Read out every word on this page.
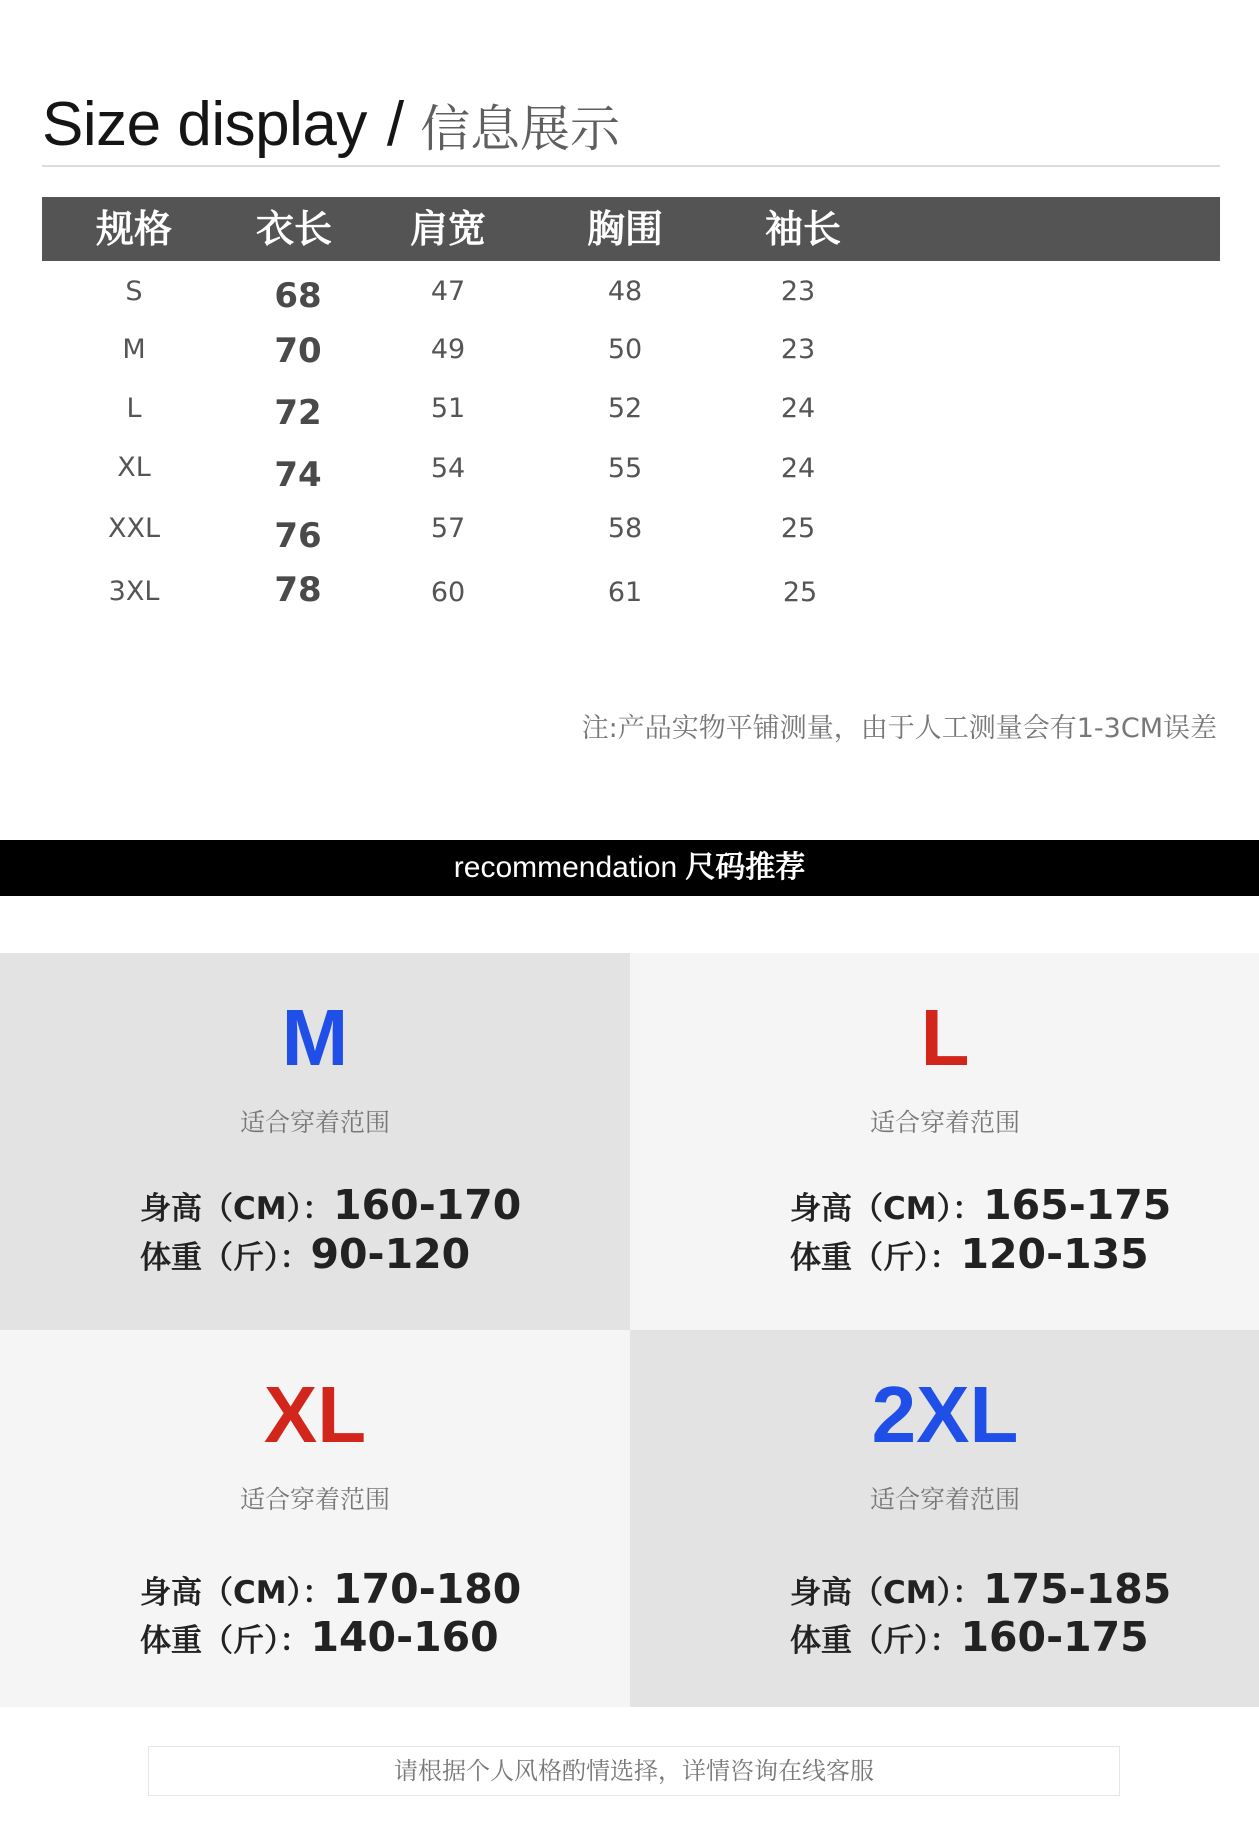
Size display / 信息展示
规格	衣长	肩宽	胸围	袖长
S	68	47	48	23
M	70	49	50	23
L	72	51	52	24
XL	74	54	55	24
XXL	76	57	58	25
3XL	78	60	61	25
注:产品实物平铺测量，由于人工测量会有1-3CM误差
recommendation 尺码推荐
M
适合穿着范围
身高（CM）：160-170
体重（斤）：90-120
L
适合穿着范围
身高（CM）：165-175
体重（斤）：120-135
XL
适合穿着范围
身高（CM）：170-180
体重（斤）：140-160
2XL
适合穿着范围
身高（CM）：175-185
体重（斤）：160-175
请根据个人风格酌情选择，详情咨询在线客服
